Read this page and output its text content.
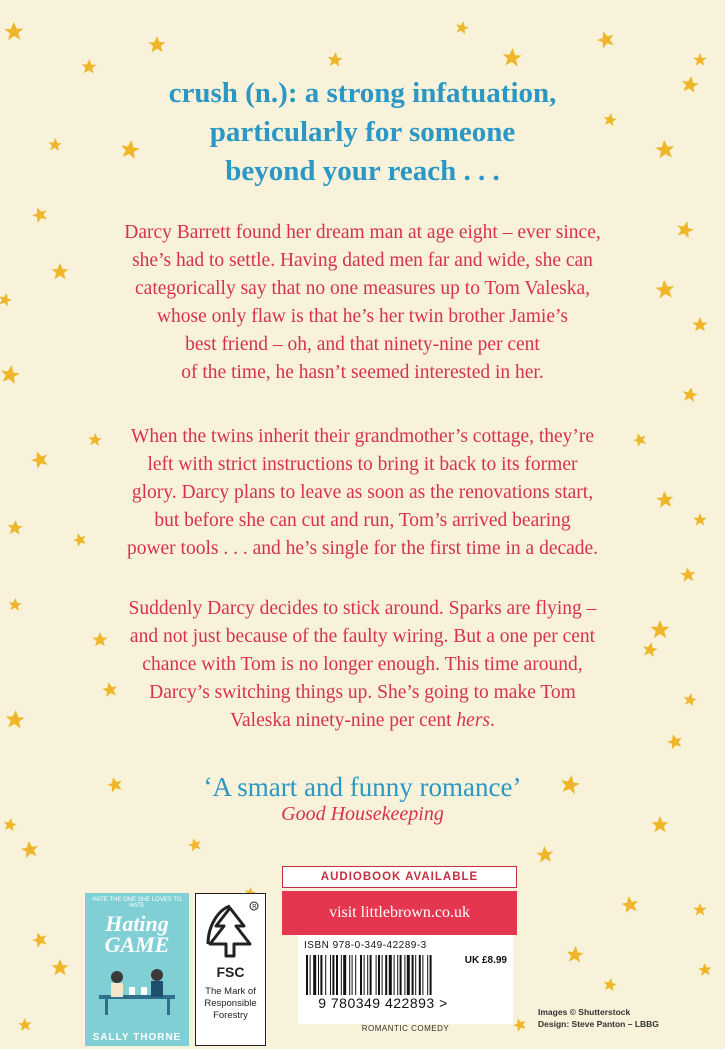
crush (n.): a strong infatuation,
particularly for someone
beyond your reach . . .
Darcy Barrett found her dream man at age eight – ever since,
she’s had to settle. Having dated men far and wide, she can
categorically say that no one measures up to Tom Valeska,
whose only flaw is that he’s her twin brother Jamie’s
best friend – oh, and that ninety-nine per cent
of the time, he hasn’t seemed interested in her.
When the twins inherit their grandmother’s cottage, they’re
left with strict instructions to bring it back to its former
glory. Darcy plans to leave as soon as the renovations start,
but before she can cut and run, Tom’s arrived bearing
power tools . . . and he’s single for the first time in a decade.
Suddenly Darcy decides to stick around. Sparks are flying –
and not just because of the faulty wiring. But a one per cent
chance with Tom is no longer enough. This time around,
Darcy’s switching things up. She’s going to make Tom
Valeska ninety-nine per cent hers.
‘A smart and funny romance’
Good Housekeeping
HATE THE ONE SHE LOVES TO HATE
Hating
GAME
SALLY THORNE
R
FSC
The Mark of
Responsible
Forestry
AUDIOBOOK AVAILABLE
visit littlebrown.co.uk
ISBN 978-0-349-42289-3
UK £8.99
9 780349 422893 >
ROMANTIC COMEDY
Images © Shutterstock
Design: Steve Panton – LBBG
